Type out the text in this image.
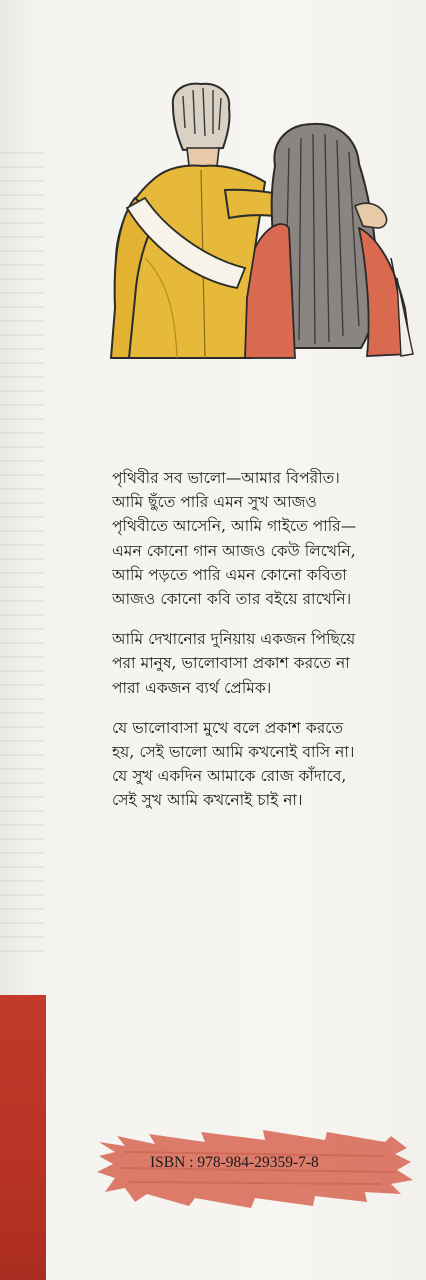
পৃথিবীর সব ভালো—আমার বিপরীত।
আমি ছুঁতে পারি এমন সুখ আজও
পৃথিবীতে আসেনি, আমি গাইতে পারি—
এমন কোনো গান আজও কেউ লিখেনি,
আমি পড়তে পারি এমন কোনো কবিতা
আজও কোনো কবি তার বইয়ে রাখেনি।

আমি দেখানোর দুনিয়ায় একজন পিছিয়ে
পরা মানুষ, ভালোবাসা প্রকাশ করতে না
পারা একজন ব্যর্থ প্রেমিক।

যে ভালোবাসা মুখে বলে প্রকাশ করতে
হয়, সেই ভালো আমি কখনোই বাসি না।
যে সুখ একদিন আমাকে রোজ কাঁদাবে,
সেই সুখ আমি কখনোই চাই না।

ISBN : 978-984-29359-7-8
